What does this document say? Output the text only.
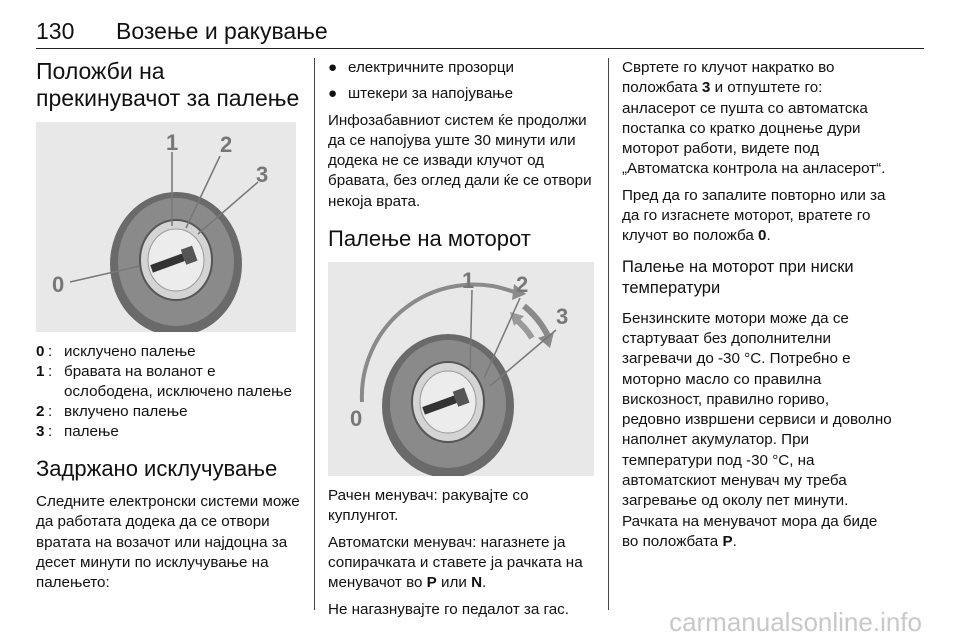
130 Возење и ракување
Положби на прекинувачот за палење
1 2
3
0
0 : исклучено палење
1 : бравата на воланот е ослободена, исключено палење
2 : вклучено палење
3 : палење
Задржано исклучување

Следните електронски системи може да работата додека да се отвори вратата на возачот или најдоцна за десет минути по исклучување на палењето:

● електричните прозорци
● штекери за напојување

Инфозабавниот систем ќе продолжи да се напојува уште 30 минути или додека не се извади клучот од бравата, без оглед дали ќе се отвори некоја врата.

Палење на моторот
1 2
3
0

Рачен менувач: ракувајте со куплунгот.

Автоматски менувач: нагазнете ја сопирачката и ставете ја рачката на менувачот во P или N.

Не нагазнувајте го педалот за гас.

Свртете го клучот накратко во положбата 3 и отпуштете го: анласерот се пушта со автоматска постапка со кратко доцнење дури моторот работи, видете под „Автоматска контрола на анласерот“.

Пред да го запалите повторно или за да го изгаснете моторот, вратете го клучот во положба 0.

Палење на моторот при ниски температури

Бензинските мотори може да се стартуваат без дополнителни загревачи до -30 °C. Потребно е моторно масло со правилна вискозност, правилно гориво, редовно извршени сервиси и доволно наполнет акумулатор. При температури под -30 °C, на автоматскиот менувач му треба загревање од околу пет минути. Рачката на менувачот мора да биде во положбата P.

carmanualsonline.info
